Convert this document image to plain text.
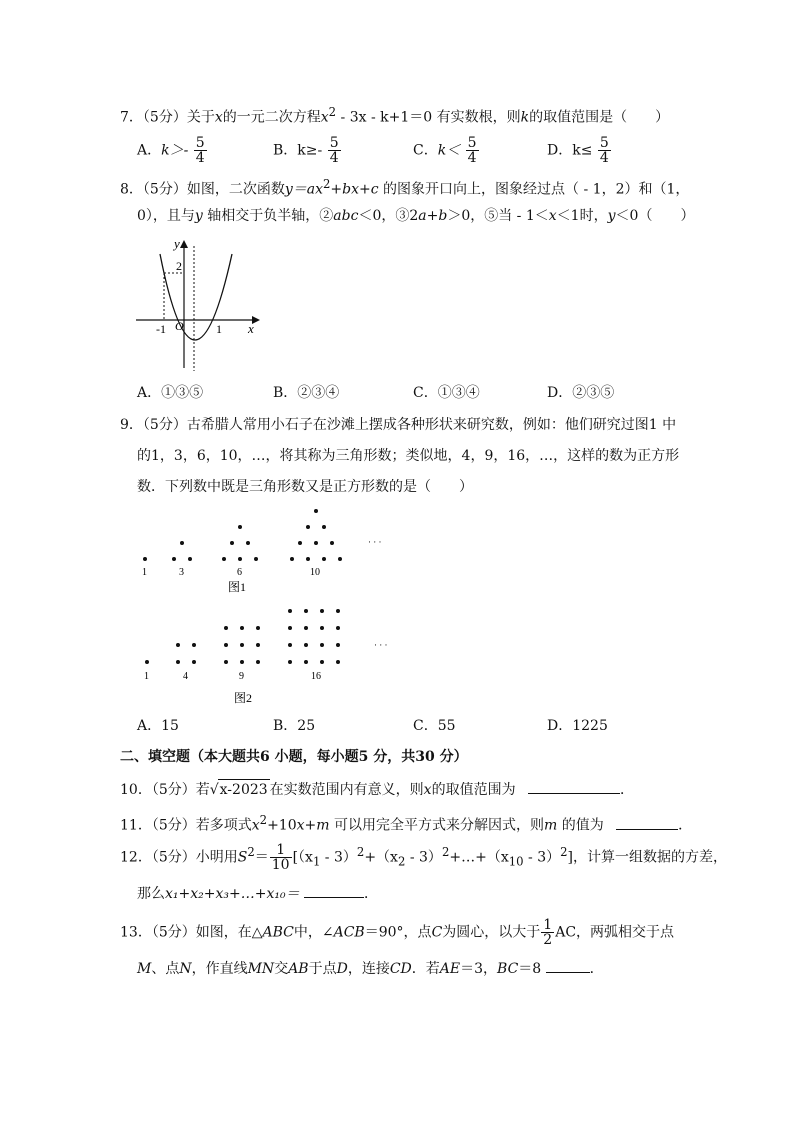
7．（5分）关于x的一元二次方程$x^2 - 3x - k+1=0$ 有实数根，则k的取值范围是（　　）
A．$k>- \frac{5}{4}$	B．$k\ge- \frac{5}{4}$	C．$k< \frac{5}{4}$	D．$k\le \frac{5}{4}$
8．（5分）如图，二次函数$y=ax^2+bx+c$ 的图象开口向上，图象经过点（ - 1，2）和（1，
0），且与y 轴相交于负半轴，②abc＜0，③2a+b＞0，⑤当 - 1＜x＜1时，y＜0（　　）
y
x
2
-1 O	1
A．①③⑤	B．②③④	C．①③④	D．②③⑤
9．（5分）古希腊人常用小石子在沙滩上摆成各种形状来研究数，例如：他们研究过图1 中
的1，3，6，10，…，将其称为三角形数；类似地，4，9，16，…，这样的数为正方形
数．下列数中既是三角形数又是正方形数的是（　　）
1	3	6	10
· · ·
图1
1	4	9	16
· · ·
图2
A．15	B．25	C．55	D．1225
二、填空题（本大题共6 小题，每小题5 分，共30 分）
10．（5分）若√x-2023 在实数范围内有意义，则x的取值范围为	．
11．（5分）若多项式$x^2+10x+m$ 可以用完全平方式来分解因式，则m 的值为	．
12．（5分）小明用$S^2= \frac{1}{10} [(x_1 - 3)^2+(x_2$ - $3)^2+\dots+(x_{10} - 3)^2$]，计算一组数据的方差，
那么x₁+x₂+x₃+…+x₁₀＝	．
13．（5分）如图，在△ABC中，∠ACB＝90°，点C为圆心，以大于 $\frac{1}{2}$ AC，两弧相交于点
M、点N，作直线MN交AB于点D，连接CD．若AE＝3，BC＝8	．
